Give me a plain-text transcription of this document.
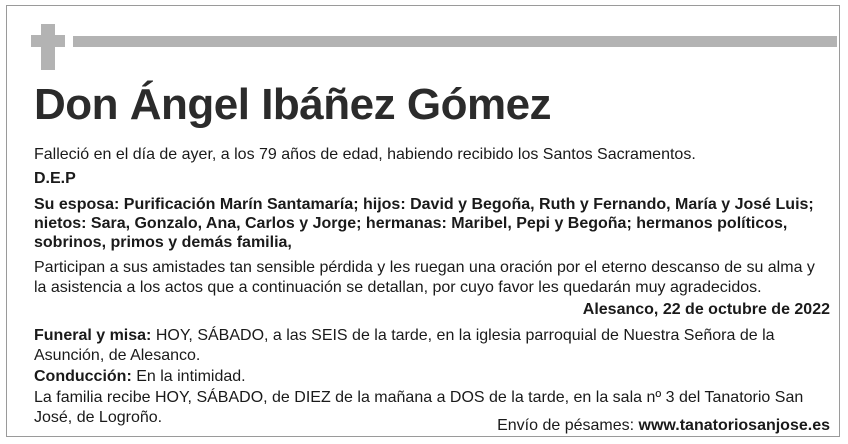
Don Ángel Ibáñez Gómez

Falleció en el día de ayer, a los 79 años de edad, habiendo recibido los Santos Sacramentos.

D.E.P

Su esposa: Purificación Marín Santamaría; hijos: David y Begoña, Ruth y Fernando, María y José Luis; nietos: Sara, Gonzalo, Ana, Carlos y Jorge; hermanas: Maribel, Pepi y Begoña; hermanos políticos, sobrinos, primos y demás familia,

Participan a sus amistades tan sensible pérdida y les ruegan una oración por el eterno descanso de su alma y la asistencia a los actos que a continuación se detallan, por cuyo favor les quedarán muy agradecidos.

Alesanco, 22 de octubre de 2022

Funeral y misa: HOY, SÁBADO, a las SEIS de la tarde, en la iglesia parroquial de Nuestra Señora de la Asunción, de Alesanco.

Conducción: En la intimidad.

La familia recibe HOY, SÁBADO, de DIEZ de la mañana a DOS de la tarde, en la sala nº 3 del Tanatorio San José, de Logroño.	Envío de pésames: www.tanatoriosanjose.es
